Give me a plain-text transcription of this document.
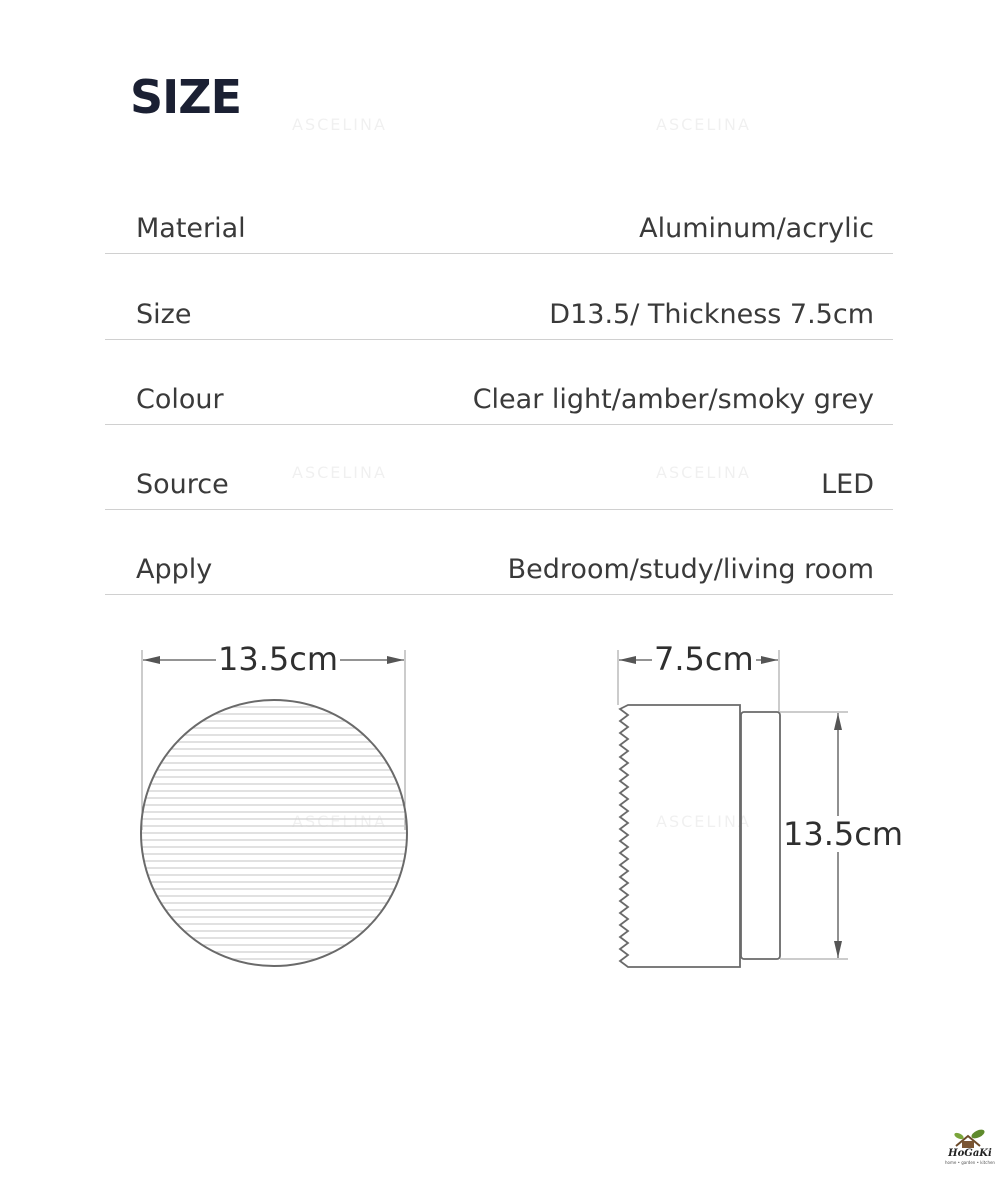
ASCELINA	ASCELINA
ASCELINA	ASCELINA
ASCELINA	ASCELINA
SIZE
Material	Aluminum/acrylic
Size	D13.5/ Thickness 7.5cm
Colour	Clear light/amber/smoky grey
Source	LED
Apply	Bedroom/study/living room
13.5cm	7.5cm
13.5cm
HoGaKi
home • garden • kitchen
